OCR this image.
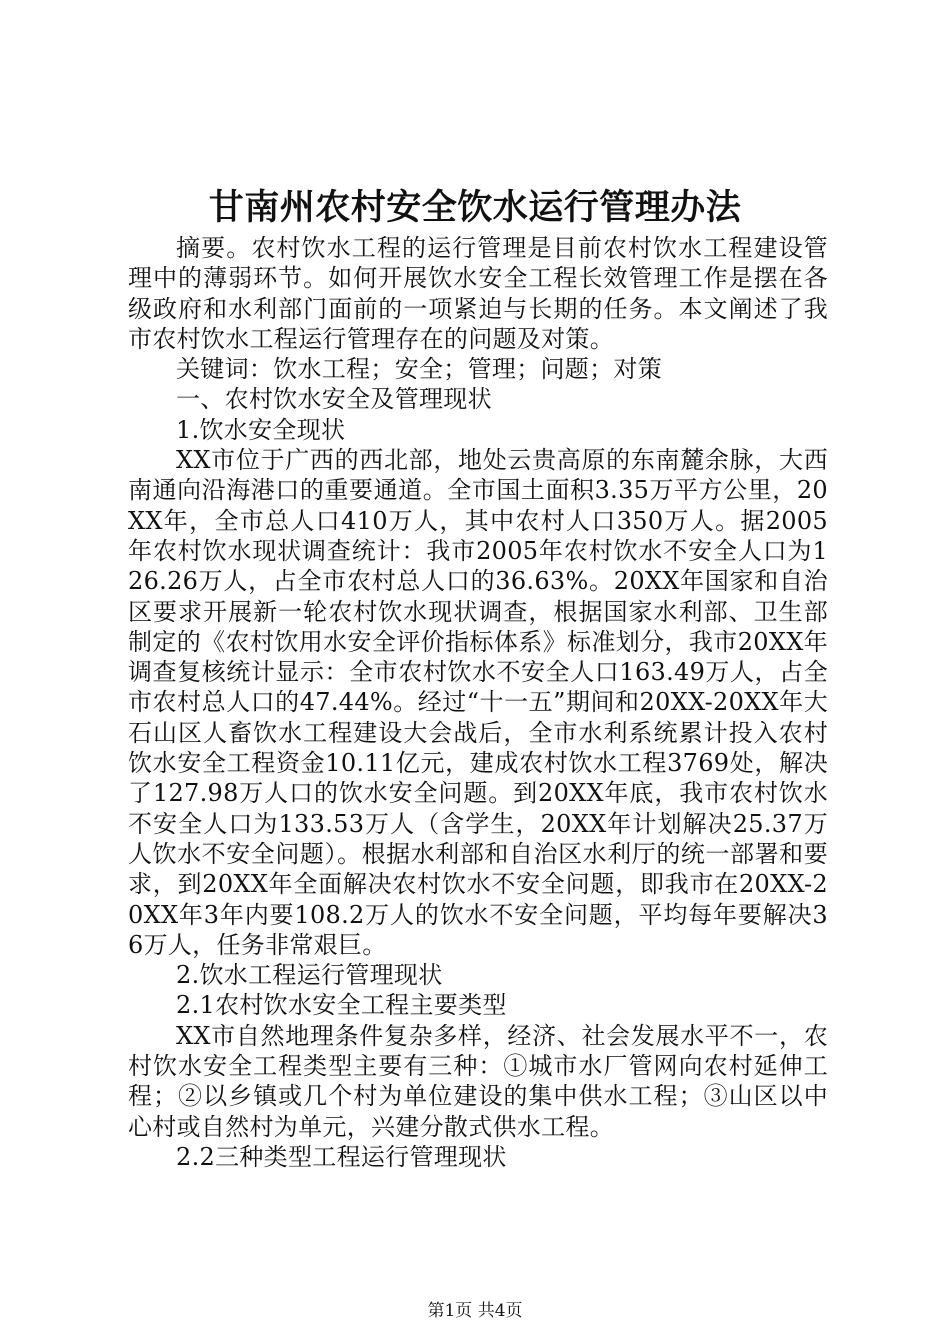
甘南州农村安全饮水运行管理办法

摘要。农村饮水工程的运行管理是目前农村饮水工程建设管理中的薄弱环节。如何开展饮水安全工程长效管理工作是摆在各级政府和水利部门面前的一项紧迫与长期的任务。本文阐述了我市农村饮水工程运行管理存在的问题及对策。

关键词：饮水工程；安全；管理；问题；对策

一、农村饮水安全及管理现状

1.饮水安全现状

XX市位于广西的西北部，地处云贵高原的东南麓余脉，大西南通向沿海港口的重要通道。全市国土面积3.35万平方公里，20XX年，全市总人口410万人，其中农村人口350万人。据2005年农村饮水现状调查统计：我市2005年农村饮水不安全人口为126.26万人，占全市农村总人口的36.63%。20XX年国家和自治区要求开展新一轮农村饮水现状调查，根据国家水利部、卫生部制定的《农村饮用水安全评价指标体系》标准划分，我市20XX年调查复核统计显示：全市农村饮水不安全人口163.49万人，占全市农村总人口的47.44%。经过“十一五”期间和20XX-20XX年大石山区人畜饮水工程建设大会战后，全市水利系统累计投入农村饮水安全工程资金10.11亿元，建成农村饮水工程3769处，解决了127.98万人口的饮水安全问题。到20XX年底，我市农村饮水不安全人口为133.53万人（含学生，20XX年计划解决25.37万人饮水不安全问题）。根据水利部和自治区水利厅的统一部署和要求，到20XX年全面解决农村饮水不安全问题，即我市在20XX-20XX年3年内要108.2万人的饮水不安全问题，平均每年要解决36万人，任务非常艰巨。

2.饮水工程运行管理现状

2.1农村饮水安全工程主要类型

XX市自然地理条件复杂多样，经济、社会发展水平不一，农村饮水安全工程类型主要有三种：①城市水厂管网向农村延伸工程；②以乡镇或几个村为单位建设的集中供水工程；③山区以中心村或自然村为单元，兴建分散式供水工程。

2.2三种类型工程运行管理现状

第1页 共4页
